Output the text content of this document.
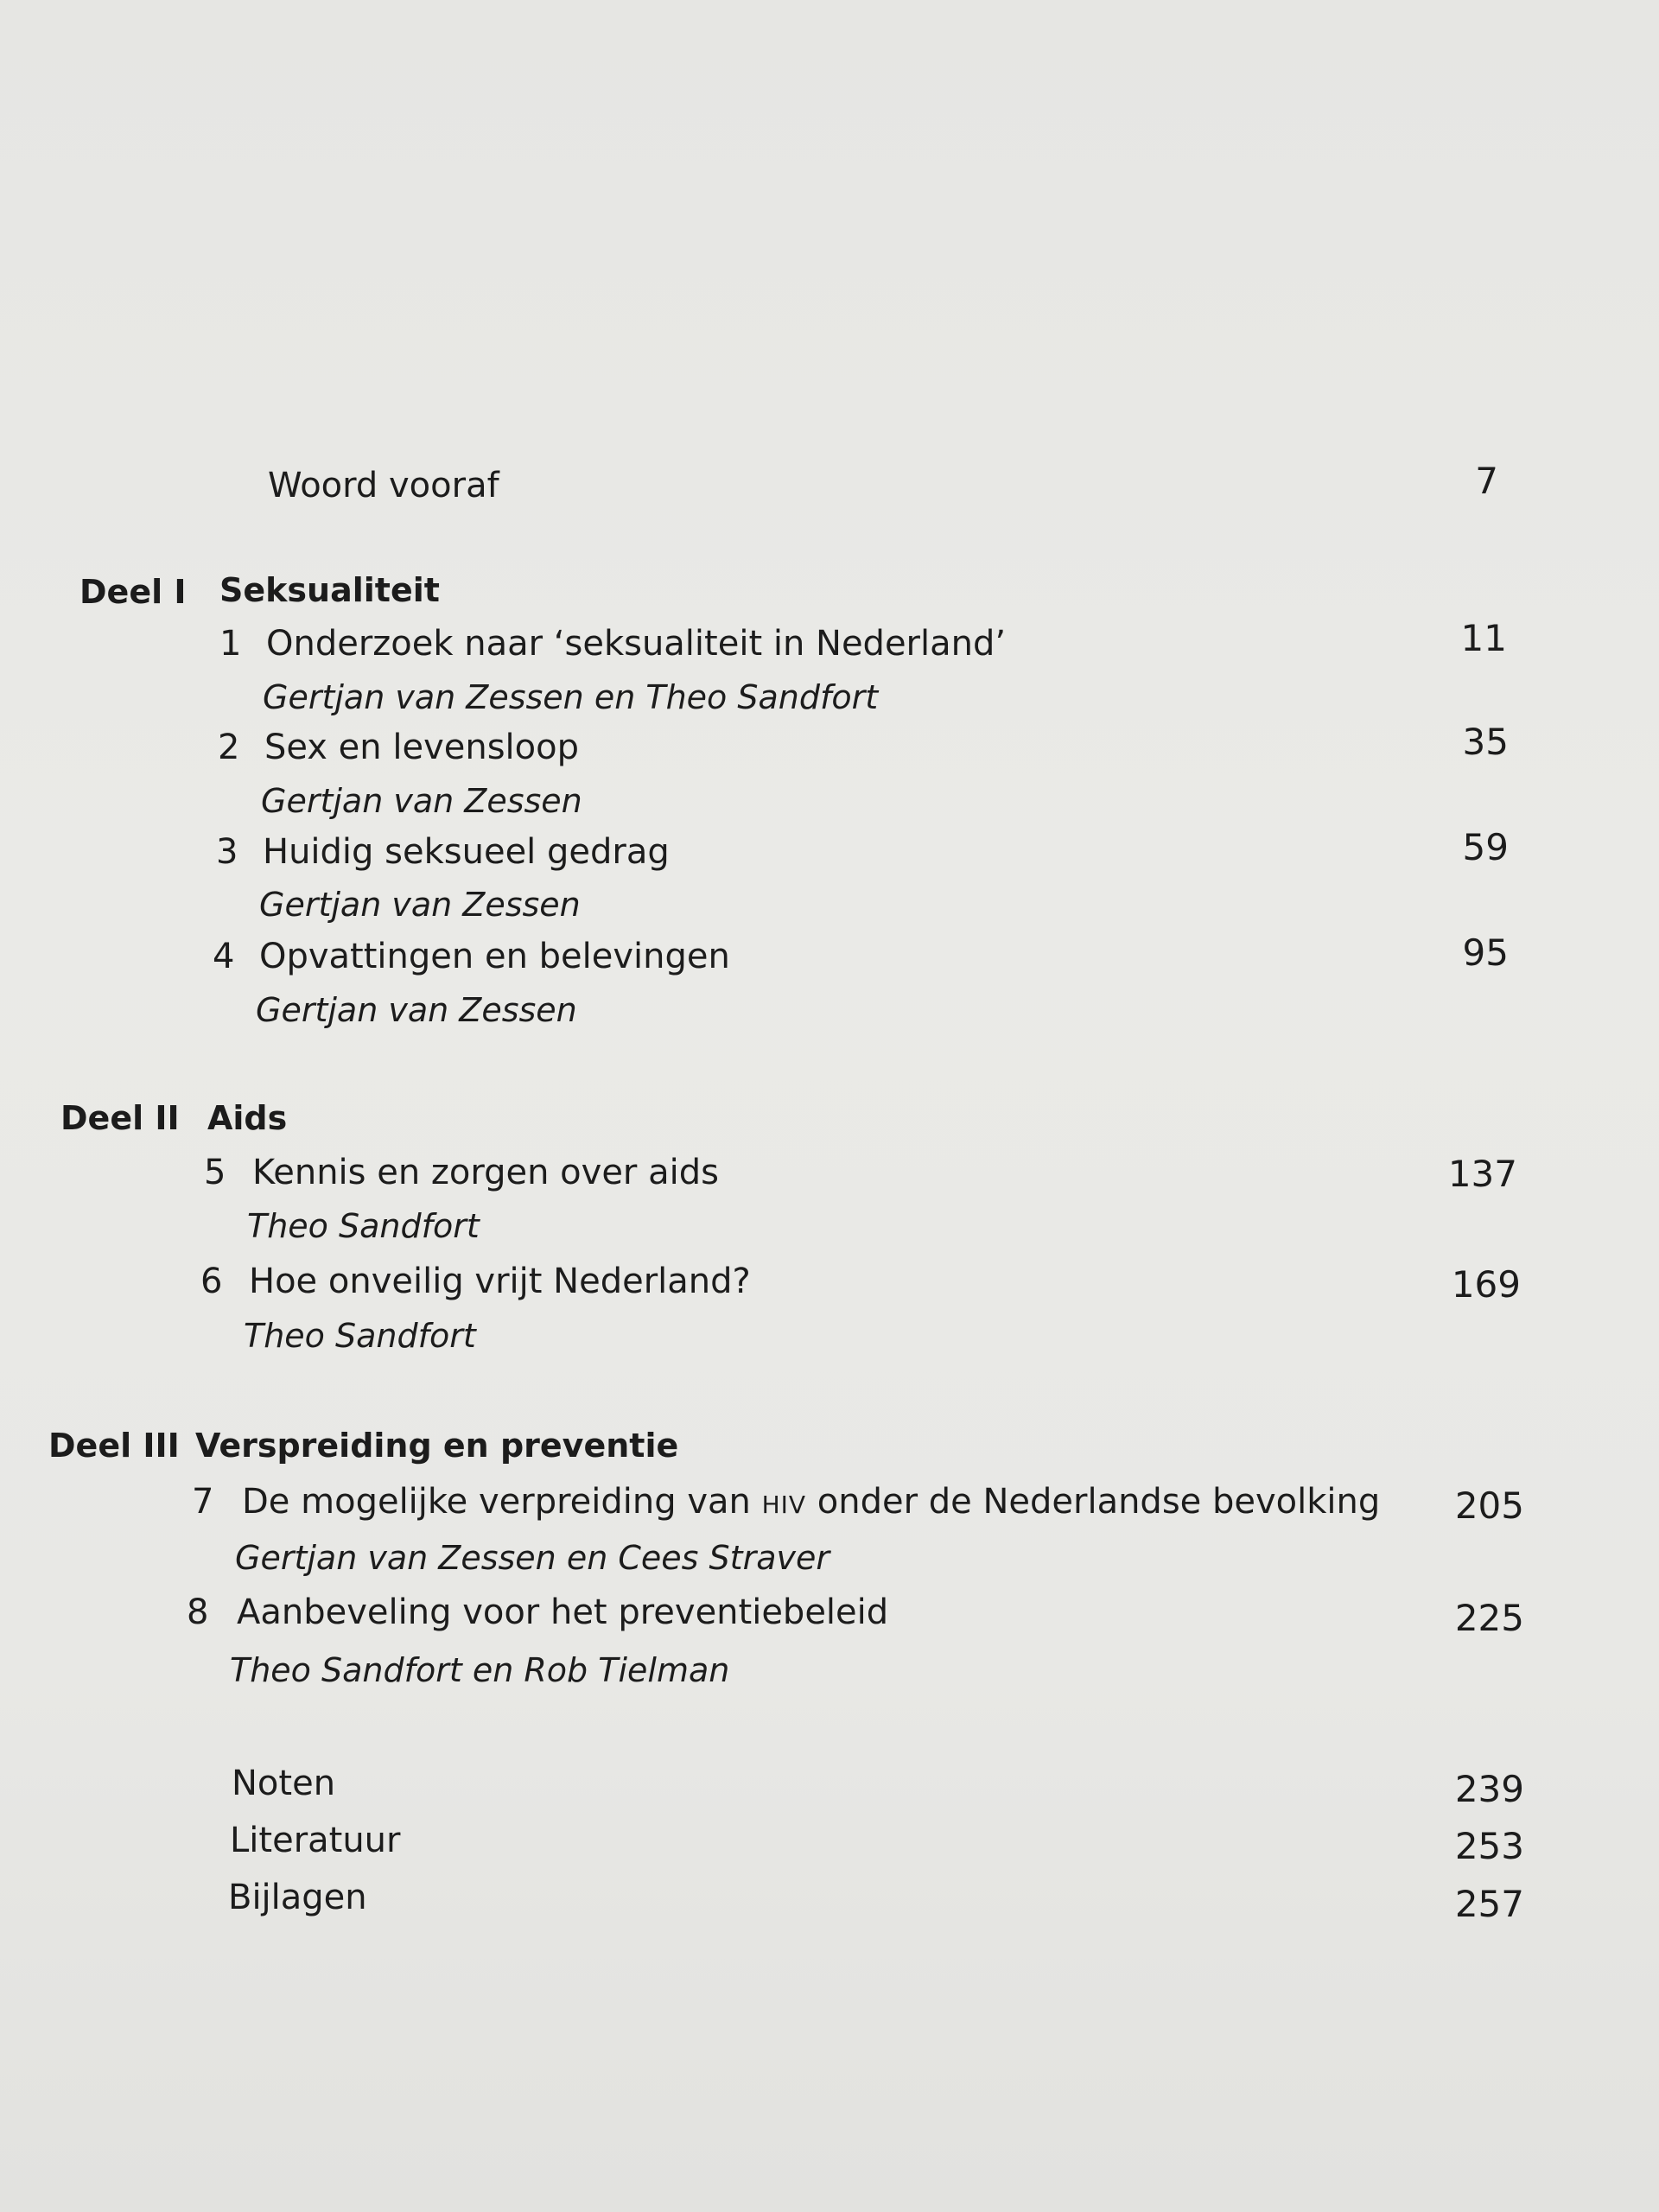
Woord vooraf	7
Deel I Seksualiteit
1 Onderzoek naar ‘seksualiteit in Nederland’	11
Gertjan van Zessen en Theo Sandfort
2 Sex en levensloop	35
Gertjan van Zessen
3 Huidig seksueel gedrag	59
Gertjan van Zessen
4 Opvattingen en belevingen	95
Gertjan van Zessen
Deel II Aids
5 Kennis en zorgen over aids	137
Theo Sandfort
6 Hoe onveilig vrijt Nederland?	169
Theo Sandfort
Deel III Verspreiding en preventie
7 De mogelijke verpreiding van HIV onder de Nederlandse bevolking	205
Gertjan van Zessen en Cees Straver
8 Aanbeveling voor het preventiebeleid	225
Theo Sandfort en Rob Tielman
Noten	239
Literatuur	253
Bijlagen	257
